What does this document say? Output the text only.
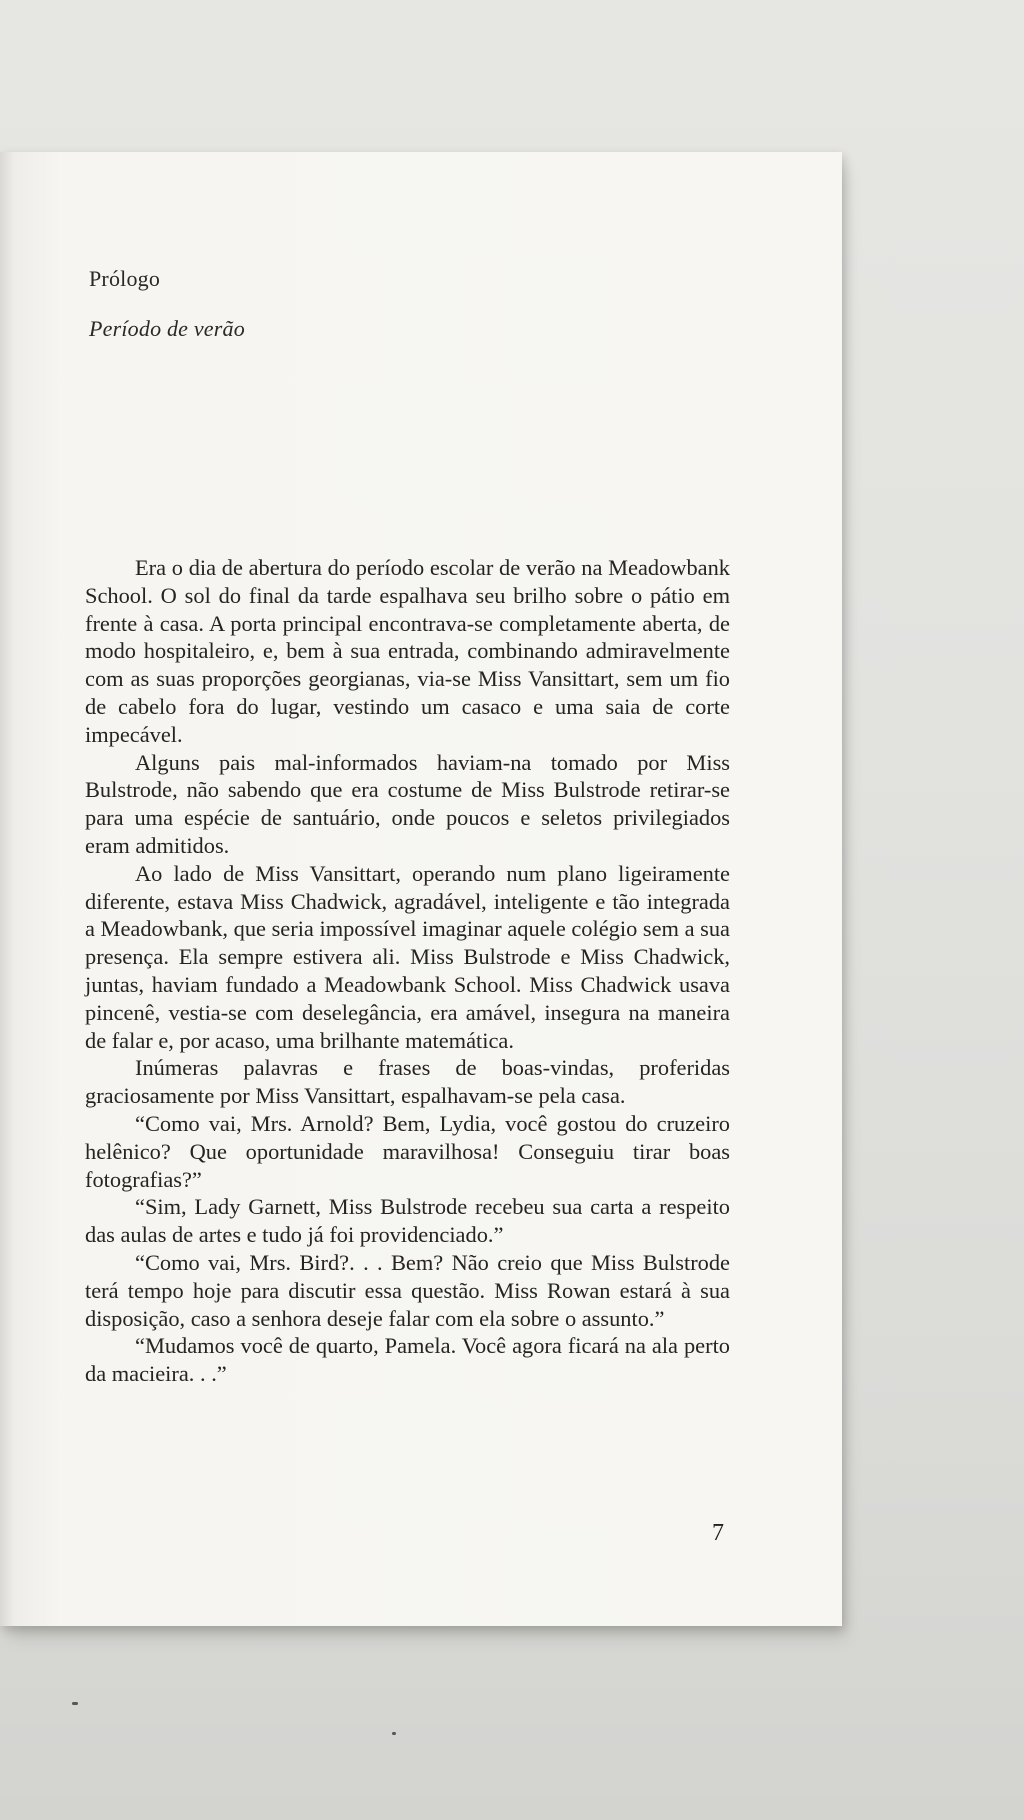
Prólogo
Período de verão

Era o dia de abertura do período escolar de verão na Meadowbank School. O sol do final da tarde espalhava seu brilho sobre o pátio em frente à casa. A porta principal encontrava-se completamente aberta, de modo hospitaleiro, e, bem à sua entrada, combinando admiravelmente com as suas proporções georgianas, via-se Miss Vansittart, sem um fio de cabelo fora do lugar, vestindo um casaco e uma saia de corte impecável.

Alguns pais mal-informados haviam-na tomado por Miss Bulstrode, não sabendo que era costume de Miss Bulstrode retirar-se para uma espécie de santuário, onde poucos e seletos privilegiados eram admitidos.

Ao lado de Miss Vansittart, operando num plano ligeiramente diferente, estava Miss Chadwick, agradável, inteligente e tão integrada a Meadowbank, que seria impossível imaginar aquele colégio sem a sua presença. Ela sempre estivera ali. Miss Bulstrode e Miss Chadwick, juntas, haviam fundado a Meadowbank School. Miss Chadwick usava pincenê, vestia-se com deselegância, era amável, insegura na maneira de falar e, por acaso, uma brilhante matemática.

Inúmeras palavras e frases de boas-vindas, proferidas graciosamente por Miss Vansittart, espalhavam-se pela casa.

“Como vai, Mrs. Arnold? Bem, Lydia, você gostou do cruzeiro helênico? Que oportunidade maravilhosa! Conseguiu tirar boas fotografias?”

“Sim, Lady Garnett, Miss Bulstrode recebeu sua carta a respeito das aulas de artes e tudo já foi providenciado.”

“Como vai, Mrs. Bird?. . . Bem? Não creio que Miss Bulstrode terá tempo hoje para discutir essa questão. Miss Rowan estará à sua disposição, caso a senhora deseje falar com ela sobre o assunto.”

“Mudamos você de quarto, Pamela. Você agora ficará na ala perto da macieira. . .”

7
